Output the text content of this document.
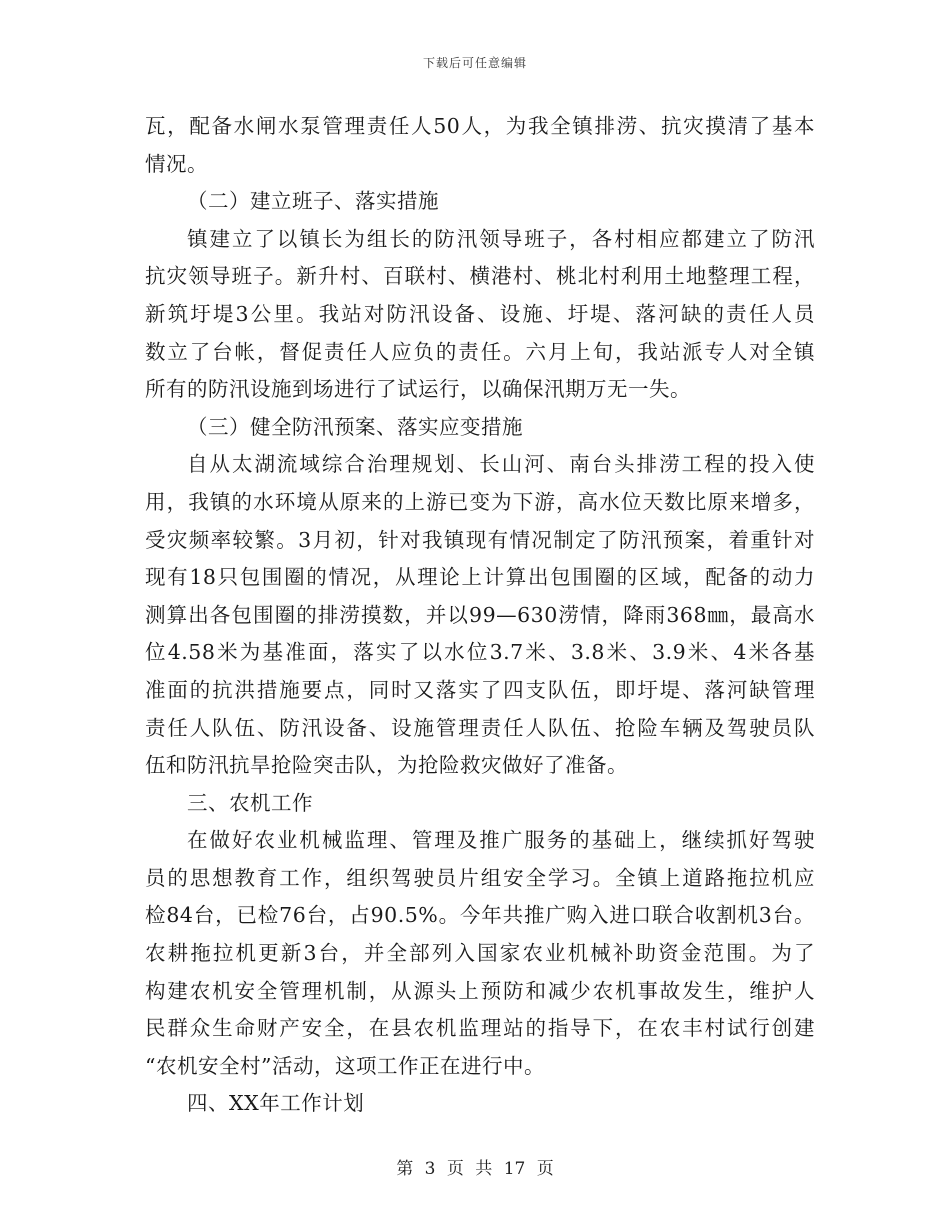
下载后可任意编辑
瓦，配备水闸水泵管理责任人50人，为我全镇排涝、抗灾摸清了基本
情况。
（二）建立班子、落实措施
镇建立了以镇长为组长的防汛领导班子，各村相应都建立了防汛
抗灾领导班子。新升村、百联村、横港村、桃北村利用土地整理工程，
新筑圩堤3公里。我站对防汛设备、设施、圩堤、落河缺的责任人员
数立了台帐，督促责任人应负的责任。六月上旬，我站派专人对全镇
所有的防汛设施到场进行了试运行，以确保汛期万无一失。
（三）健全防汛预案、落实应变措施
自从太湖流域综合治理规划、长山河、南台头排涝工程的投入使
用，我镇的水环境从原来的上游已变为下游，高水位天数比原来增多，
受灾频率较繁。3月初，针对我镇现有情况制定了防汛预案，着重针对
现有18只包围圈的情况，从理论上计算出包围圈的区域，配备的动力
测算出各包围圈的排涝摸数，并以99—630涝情，降雨368㎜，最高水
位4.58米为基准面，落实了以水位3.7米、3.8米、3.9米、4米各基
准面的抗洪措施要点，同时又落实了四支队伍，即圩堤、落河缺管理
责任人队伍、防汛设备、设施管理责任人队伍、抢险车辆及驾驶员队
伍和防汛抗旱抢险突击队，为抢险救灾做好了准备。
三、农机工作
在做好农业机械监理、管理及推广服务的基础上，继续抓好驾驶
员的思想教育工作，组织驾驶员片组安全学习。全镇上道路拖拉机应
检84台，已检76台，占90.5%。今年共推广购入进口联合收割机3台。
农耕拖拉机更新3台，并全部列入国家农业机械补助资金范围。为了
构建农机安全管理机制，从源头上预防和减少农机事故发生，维护人
民群众生命财产安全，在县农机监理站的指导下，在农丰村试行创建
“农机安全村”活动，这项工作正在进行中。
四、XX年工作计划
第 3 页 共 17 页
